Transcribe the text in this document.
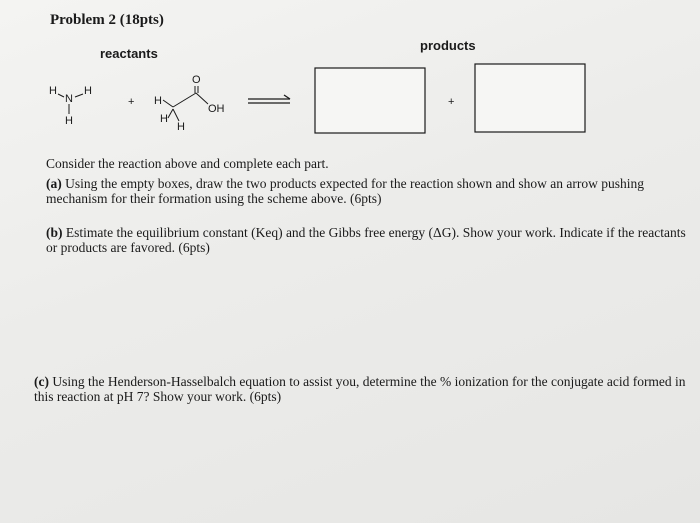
Problem 2 (18pts)
reactants
products
H H
N
H
+ H
H
H
O
OH
+
Consider the reaction above and complete each part.
(a) Using the empty boxes, draw the two products expected for the reaction shown and show an arrow pushing mechanism for their formation using the scheme above. (6pts)
(b) Estimate the equilibrium constant (Keq) and the Gibbs free energy (ΔG). Show your work. Indicate if the reactants or products are favored. (6pts)
(c) Using the Henderson-Hasselbalch equation to assist you, determine the % ionization for the conjugate acid formed in this reaction at pH 7? Show your work. (6pts)
